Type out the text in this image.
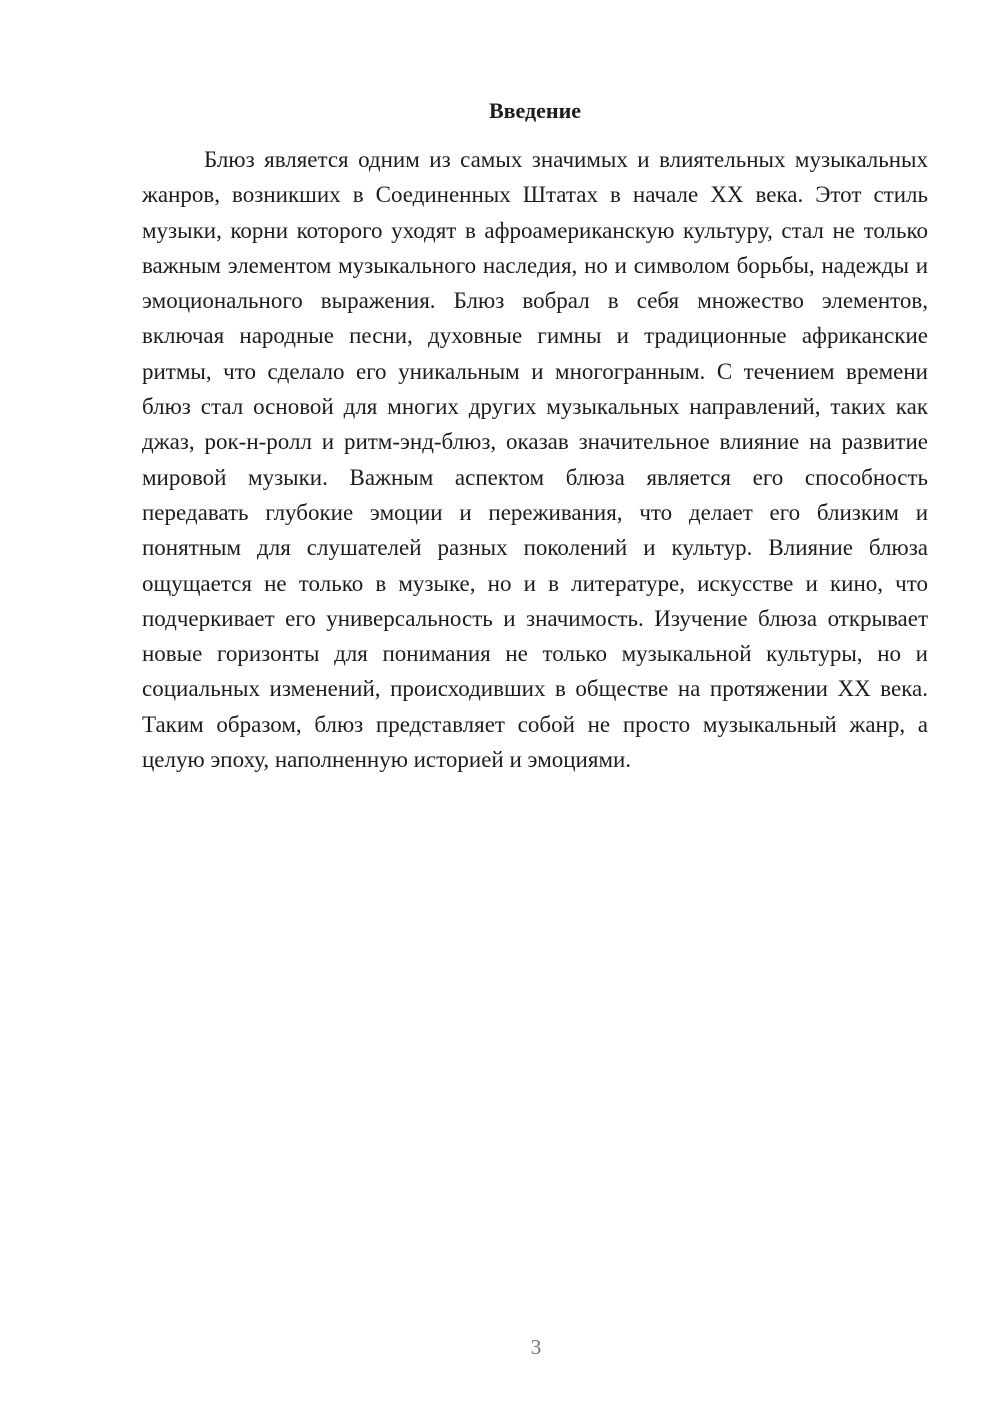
Введение

Блюз является одним из самых значимых и влиятельных музыкальных жанров, возникших в Соединенных Штатах в начале XX века. Этот стиль музыки, корни которого уходят в афроамериканскую культуру, стал не только важным элементом музыкального наследия, но и символом борьбы, надежды и эмоционального выражения. Блюз вобрал в себя множество элементов, включая народные песни, духовные гимны и традиционные африканские ритмы, что сделало его уникальным и многогранным. С течением времени блюз стал основой для многих других музыкальных направлений, таких как джаз, рок-н-ролл и ритм-энд-блюз, оказав значительное влияние на развитие мировой музыки. Важным аспектом блюза является его способность передавать глубокие эмоции и переживания, что делает его близким и понятным для слушателей разных поколений и культур. Влияние блюза ощущается не только в музыке, но и в литературе, искусстве и кино, что подчеркивает его универсальность и значимость. Изучение блюза открывает новые горизонты для понимания не только музыкальной культуры, но и социальных изменений, происходивших в обществе на протяжении XX века. Таким образом, блюз представляет собой не просто музыкальный жанр, а целую эпоху, наполненную историей и эмоциями.

3
